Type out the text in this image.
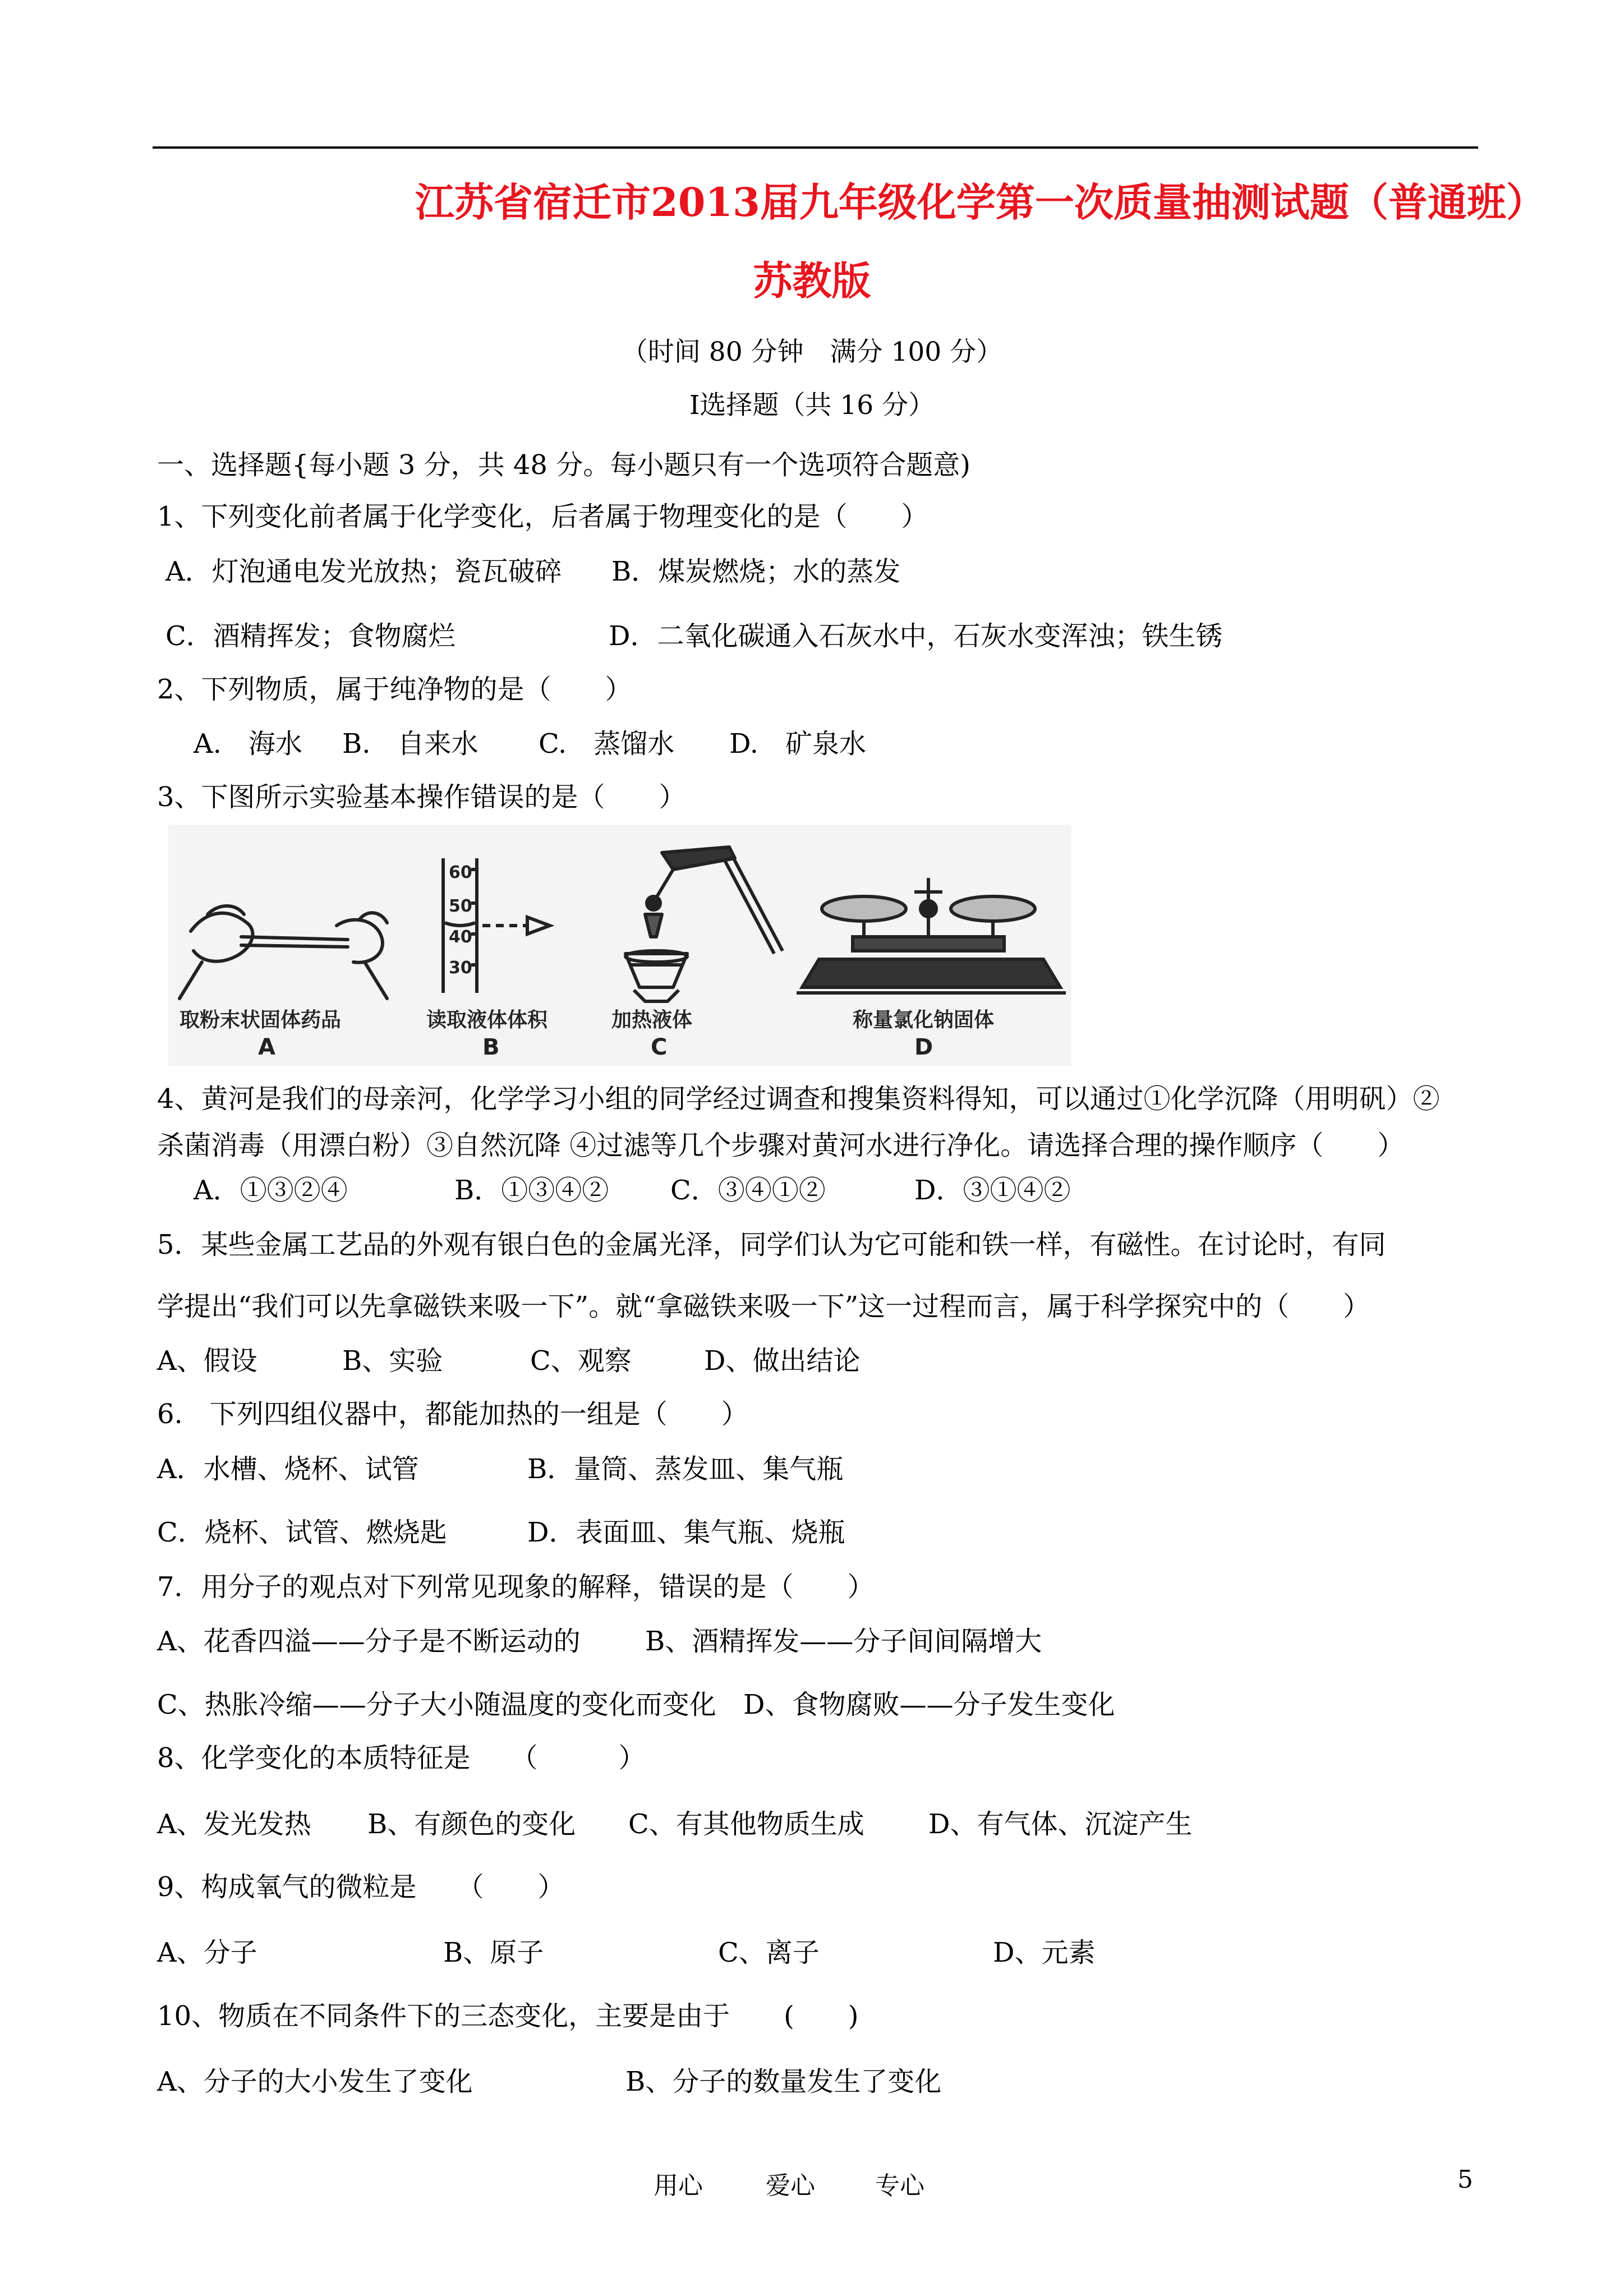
江苏省宿迁市2013届九年级化学第一次质量抽测试题（普通班）
苏教版
（时间 80 分钟　满分 100 分）
Ⅰ选择题（共 16 分）
一、选择题{每小题 3 分，共 48 分。每小题只有一个选项符合题意)
1、下列变化前者属于化学变化，后者属于物理变化的是（　　）
A．灯泡通电发光放热；瓷瓦破碎 B．煤炭燃烧；水的蒸发
C．酒精挥发；食物腐烂	D．二氧化碳通入石灰水中，石灰水变浑浊；铁生锈
2、下列物质，属于纯净物的是（　　）
A.　海水 B.　自来水 C.　蒸馏水 D.　矿泉水
3、下图所示实验基本操作错误的是（　　）
取粉末状固体药品
A
60
50
40
30
读取液体体积
B
加热液体
C
称量氯化钠固体
D
4、黄河是我们的母亲河，化学学习小组的同学经过调查和搜集资料得知，可以通过①化学沉降（用明矾）②
杀菌消毒（用漂白粉）③自然沉降 ④过滤等几个步骤对黄河水进行净化。请选择合理的操作顺序（　　）
A．①③②④	B．①③④② C．③④①②	D．③①④②
5．某些金属工艺品的外观有银白色的金属光泽，同学们认为它可能和铁一样，有磁性。在讨论时，有同
学提出“我们可以先拿磁铁来吸一下”。就“拿磁铁来吸一下”这一过程而言，属于科学探究中的（　　）
A、假设	B、实验	C、观察	D、做出结论
6.　下列四组仪器中，都能加热的一组是（　　）
A．水槽、烧杯、试管	B．量筒、蒸发皿、集气瓶
C．烧杯、试管、燃烧匙	D．表面皿、集气瓶、烧瓶
7．用分子的观点对下列常见现象的解释，错误的是（　　）
A、花香四溢——分子是不断运动的 B、酒精挥发——分子间间隔增大
C、热胀冷缩——分子大小随温度的变化而变化 D、食物腐败——分子发生变化
8、化学变化的本质特征是　　（　　　）
A、发光发热 B、有颜色的变化 C、有其他物质生成 D、有气体、沉淀产生
9、构成氧气的微粒是　　（　　）
A、分子	B、原子	C、离子	D、元素
10、物质在不同条件下的三态变化，主要是由于　　(　　)
A、分子的大小发生了变化	B、分子的数量发生了变化
用心	爱心 专心	5
